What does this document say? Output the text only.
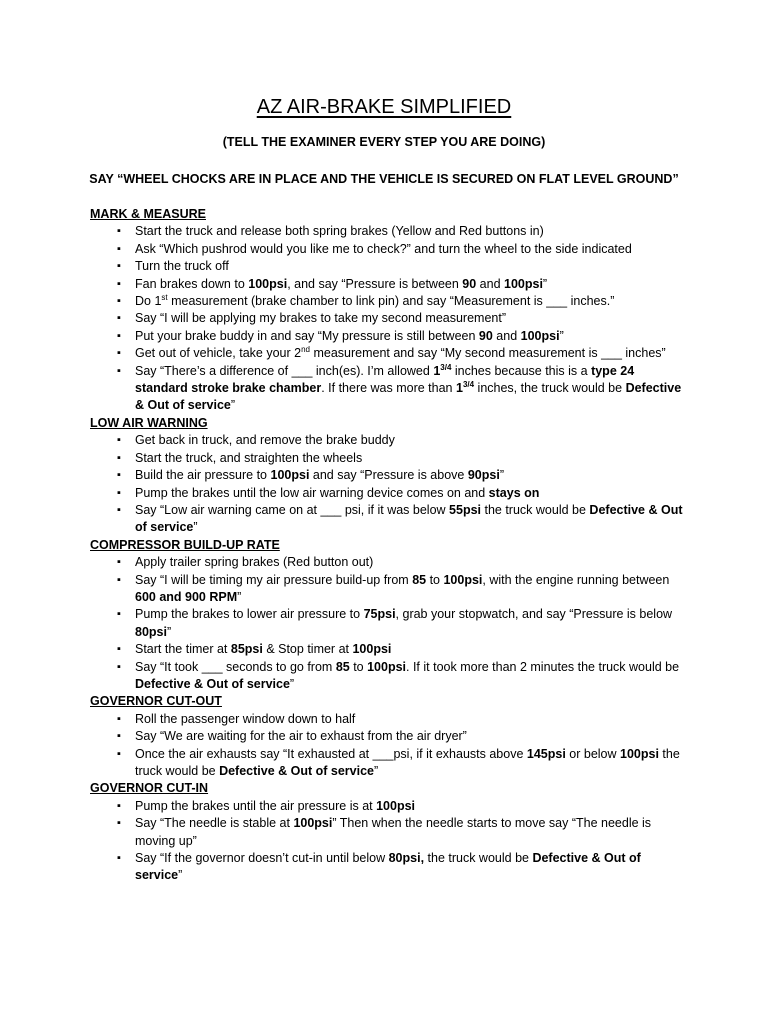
AZ AIR-BRAKE SIMPLIFIED
(TELL THE EXAMINER EVERY STEP YOU ARE DOING)
SAY “WHEEL CHOCKS ARE IN PLACE AND THE VEHICLE IS SECURED ON FLAT LEVEL GROUND”
MARK & MEASURE
▪ Start the truck and release both spring brakes (Yellow and Red buttons in)
▪ Ask “Which pushrod would you like me to check?” and turn the wheel to the side indicated
▪ Turn the truck off
▪ Fan brakes down to 100psi, and say “Pressure is between 90 and 100psi”
▪ Do 1st measurement (brake chamber to link pin) and say “Measurement is ___ inches.”
▪ Say “I will be applying my brakes to take my second measurement”
▪ Put your brake buddy in and say “My pressure is still between 90 and 100psi”
▪ Get out of vehicle, take your 2nd measurement and say “My second measurement is ___ inches”
▪ Say “There’s a difference of ___ inch(es). I’m allowed $1^{3/4}$ inches because this is a type 24 standard stroke brake chamber. If there was more than $1^{3/4}$ inches, the truck would be Defective & Out of service”
LOW AIR WARNING
▪ Get back in truck, and remove the brake buddy
▪ Start the truck, and straighten the wheels
▪ Build the air pressure to 100psi and say “Pressure is above 90psi”
▪ Pump the brakes until the low air warning device comes on and stays on
▪ Say “Low air warning came on at ___ psi, if it was below 55psi the truck would be Defective & Out of service”
COMPRESSOR BUILD-UP RATE
▪ Apply trailer spring brakes (Red button out)
▪ Say “I will be timing my air pressure build-up from 85 to 100psi, with the engine running between 600 and 900 RPM”
▪ Pump the brakes to lower air pressure to 75psi, grab your stopwatch, and say “Pressure is below 80psi”
▪ Start the timer at 85psi & Stop timer at 100psi
▪ Say “It took ___ seconds to go from 85 to 100psi. If it took more than 2 minutes the truck would be Defective & Out of service”
GOVERNOR CUT-OUT
▪ Roll the passenger window down to half
▪ Say “We are waiting for the air to exhaust from the air dryer”
▪ Once the air exhausts say “It exhausted at ___psi, if it exhausts above 145psi or below 100psi the truck would be Defective & Out of service”
GOVERNOR CUT-IN
▪ Pump the brakes until the air pressure is at 100psi
▪ Say “The needle is stable at 100psi” Then when the needle starts to move say “The needle is moving up”
▪ Say “If the governor doesn’t cut-in until below 80psi, the truck would be Defective & Out of service”
